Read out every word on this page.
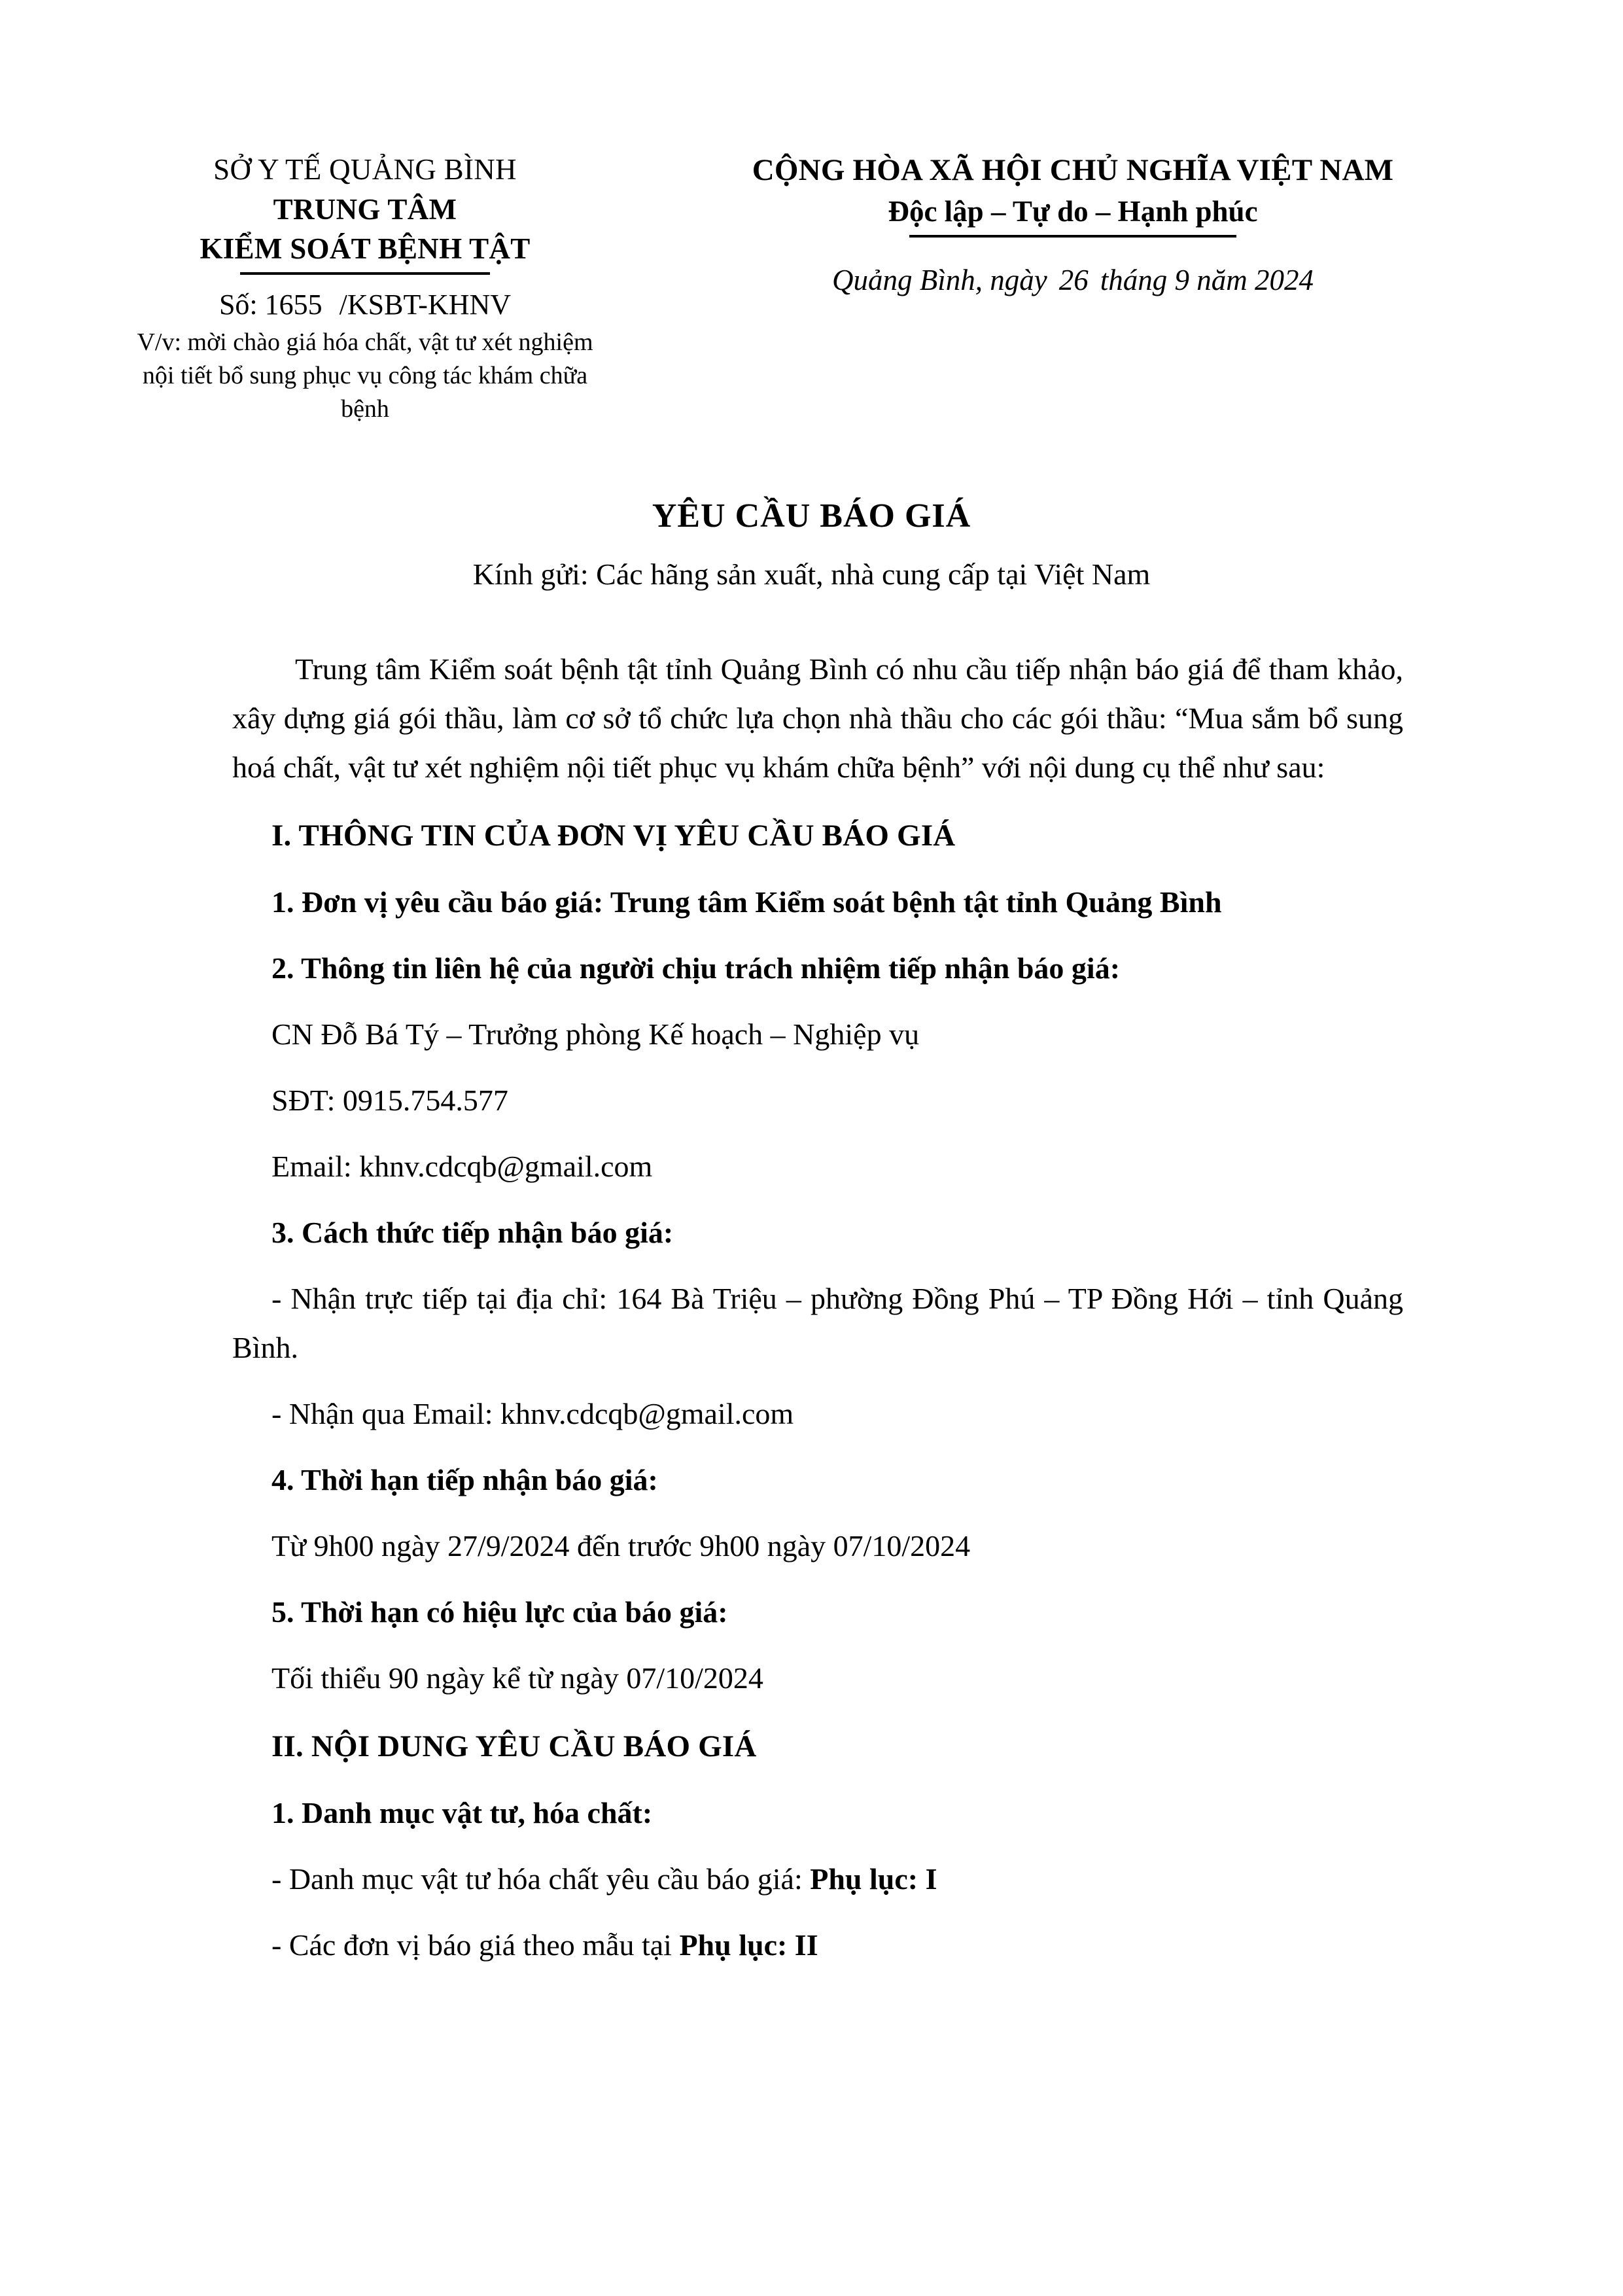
SỞ Y TẾ QUẢNG BÌNH
TRUNG TÂM
KIỂM SOÁT BỆNH TẬT
Số: 1655 /KSBT-KHNV
V/v: mời chào giá hóa chất, vật tư xét nghiệm nội tiết bổ sung phục vụ công tác khám chữa bệnh
CỘNG HÒA XÃ HỘI CHỦ NGHĨA VIỆT NAM
Độc lập – Tự do – Hạnh phúc
Quảng Bình, ngày 26 tháng 9 năm 2024
YÊU CẦU BÁO GIÁ
Kính gửi: Các hãng sản xuất, nhà cung cấp tại Việt Nam

Trung tâm Kiểm soát bệnh tật tỉnh Quảng Bình có nhu cầu tiếp nhận báo giá để tham khảo, xây dựng giá gói thầu, làm cơ sở tổ chức lựa chọn nhà thầu cho các gói thầu: “Mua sắm bổ sung hoá chất, vật tư xét nghiệm nội tiết phục vụ khám chữa bệnh” với nội dung cụ thể như sau:

I. THÔNG TIN CỦA ĐƠN VỊ YÊU CẦU BÁO GIÁ
1. Đơn vị yêu cầu báo giá: Trung tâm Kiểm soát bệnh tật tỉnh Quảng Bình
2. Thông tin liên hệ của người chịu trách nhiệm tiếp nhận báo giá:
CN Đỗ Bá Tý – Trưởng phòng Kế hoạch – Nghiệp vụ
SĐT: 0915.754.577
Email: khnv.cdcqb@gmail.com
3. Cách thức tiếp nhận báo giá:
- Nhận trực tiếp tại địa chỉ: 164 Bà Triệu – phường Đồng Phú – TP Đồng Hới – tỉnh Quảng Bình.
- Nhận qua Email: khnv.cdcqb@gmail.com
4. Thời hạn tiếp nhận báo giá:
Từ 9h00 ngày 27/9/2024 đến trước 9h00 ngày 07/10/2024
5. Thời hạn có hiệu lực của báo giá:
Tối thiểu 90 ngày kể từ ngày 07/10/2024
II. NỘI DUNG YÊU CẦU BÁO GIÁ
1. Danh mục vật tư, hóa chất:
- Danh mục vật tư hóa chất yêu cầu báo giá: Phụ lục: I
- Các đơn vị báo giá theo mẫu tại Phụ lục: II
